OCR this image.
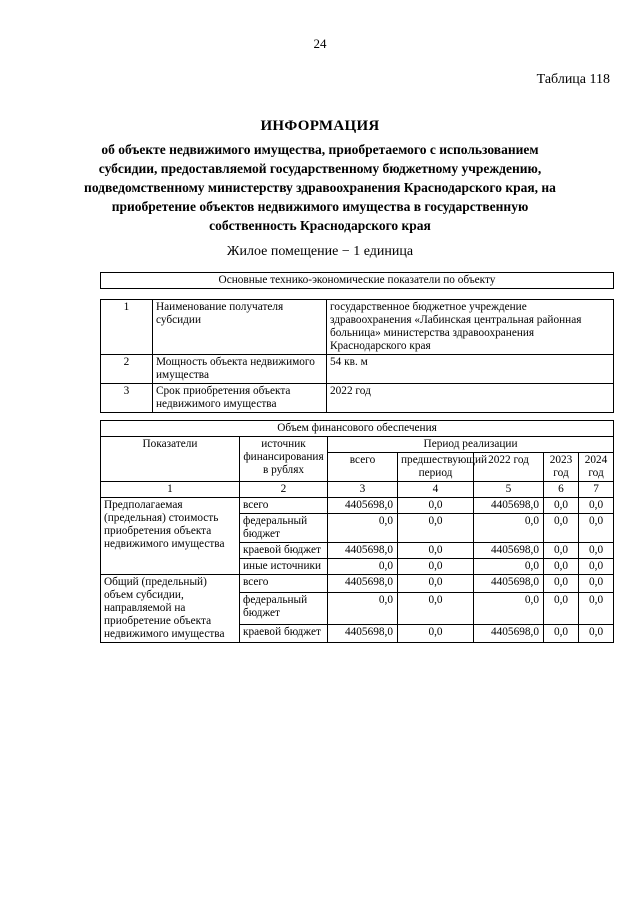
24
Таблица 118
ИНФОРМАЦИЯ
об объекте недвижимого имущества, приобретаемого с использованием субсидии, предоставляемой государственному бюджетному учреждению, подведомственному министерству здравоохранения Краснодарского края, на приобретение объектов недвижимого имущества в государственную собственность Краснодарского края
Жилое помещение − 1 единица
Основные технико-экономические показатели по объекту
1	Наименование получателя субсидии	государственное бюджетное учреждение здравоохранения «Лабинская центральная районная больница» министерства здравоохранения Краснодарского края
2	Мощность объекта недвижимого имущества	54 кв. м
3	Срок приобретения объекта недвижимого имущества	2022 год
Объем финансового обеспечения						
Показатели	источник финансирования в рублях	Период реализации				
		всего	предшествующий период	2022 год	2023 год	2024 год
1	2	3	4	5	6	7
Предполагаемая (предельная) стоимость приобретения объекта недвижимого имущества	всего	4405698,0	0,0	4405698,0	0,0	0,0
	федеральный бюджет	0,0	0,0	0,0	0,0	0,0
	краевой бюджет	4405698,0	0,0	4405698,0	0,0	0,0
	иные источники	0,0	0,0	0,0	0,0	0,0
Общий (предельный) объем субсидии, направляемой на приобретение объекта недвижимого имущества	всего	4405698,0	0,0	4405698,0	0,0	0,0
	федеральный бюджет	0,0	0,0	0,0	0,0	0,0
	краевой бюджет	4405698,0	0,0	4405698,0	0,0	0,0
